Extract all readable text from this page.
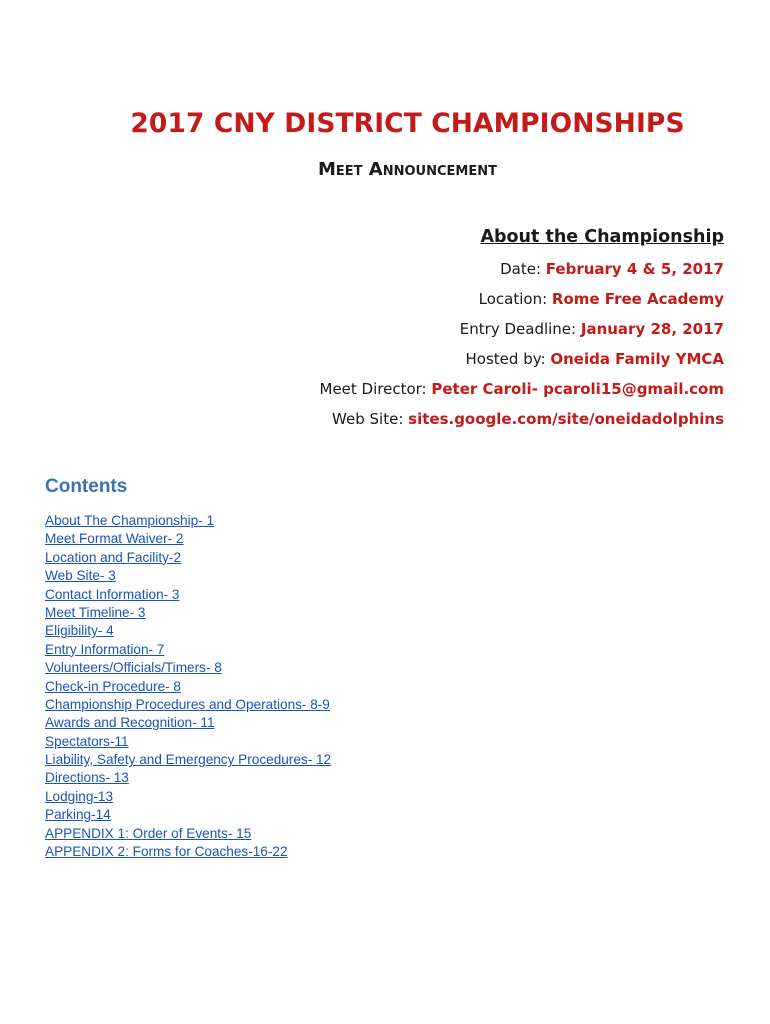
2017 CNY DISTRICT CHAMPIONSHIPS
Meet Announcement
About the Championship
Date: February 4 & 5, 2017
Location: Rome Free Academy
Entry Deadline: January 28, 2017
Hosted by: Oneida Family YMCA
Meet Director: Peter Caroli- pcaroli15@gmail.com
Web Site: sites.google.com/site/oneidadolphins
Contents
About The Championship- 1
Meet Format Waiver- 2
Location and Facility-2
Web Site- 3
Contact Information- 3
Meet Timeline- 3
Eligibility- 4
Entry Information- 7
Volunteers/Officials/Timers- 8
Check-in Procedure- 8
Championship Procedures and Operations- 8-9
Awards and Recognition- 11
Spectators-11
Liability, Safety and Emergency Procedures- 12
Directions- 13
Lodging-13
Parking-14
APPENDIX 1: Order of Events- 15
APPENDIX 2: Forms for Coaches-16-22
